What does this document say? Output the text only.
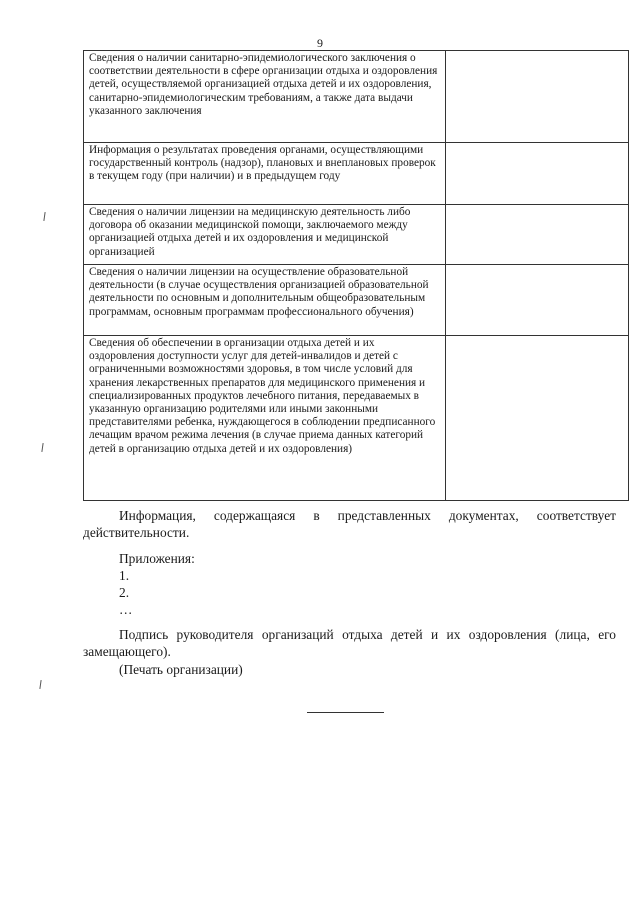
9
Сведения о наличии санитарно-эпидемиологического заключения о соответствии деятельности в сфере организации отдыха и оздоровления детей, осуществляемой организацией отдыха детей и их оздоровления, санитарно-эпидемиологическим требованиям, а также дата выдачи указанного заключения	
Информация о результатах проведения органами, осуществляющими государственный контроль (надзор), плановых и внеплановых проверок в текущем году (при наличии) и в предыдущем году	
Сведения о наличии лицензии на медицинскую деятельность либо договора об оказании медицинской помощи, заключаемого между организацией отдыха детей и их оздоровления и медицинской организацией	
Сведения о наличии лицензии на осуществление образовательной деятельности (в случае осуществления организацией образовательной деятельности по основным и дополнительным общеобразовательным программам, основным программам профессионального обучения)	
Сведения об обеспечении в организации отдыха детей и их оздоровления доступности услуг для детей-инвалидов и детей с ограниченными возможностями здоровья, в том числе условий для хранения лекарственных препаратов для медицинского применения и специализированных продуктов лечебного питания, передаваемых в указанную организацию родителями или иными законными представителями ребенка, нуждающегося в соблюдении предписанного лечащим врачом режима лечения (в случае приема данных категорий детей в организацию отдыха детей и их оздоровления)	
Информация, содержащаяся в представленных документах, соответствует действительности.
Приложения:
1.
2.
…
Подпись руководителя организаций отдыха детей и их оздоровления (лица, его замещающего).
(Печать организации)
